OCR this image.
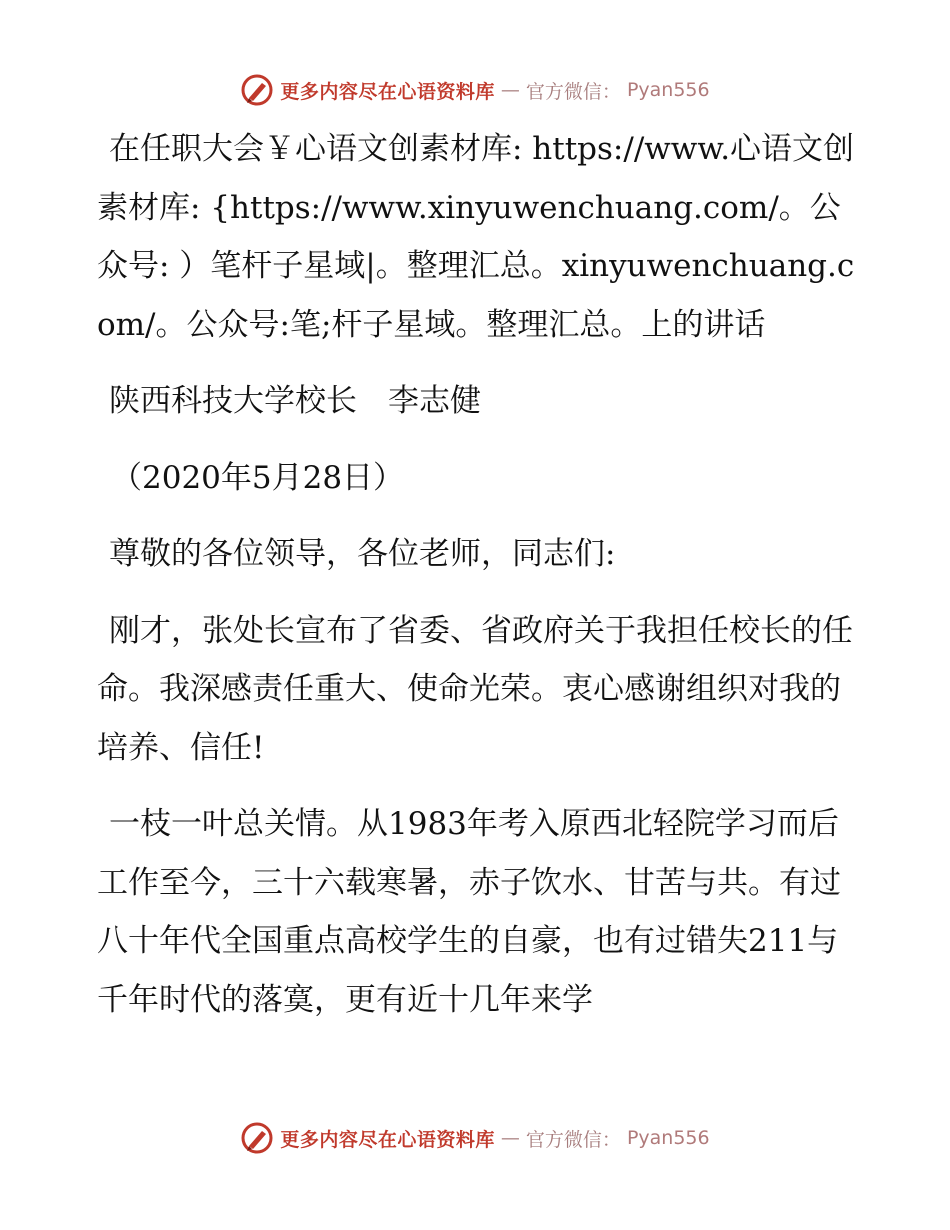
更多内容尽在心语资料库 — 官方微信： Pyan556

在任职大会￥心语文创素材库: https://www.心语文创素材库: {https://www.xinyuwenchuang.com/。公众号: ）笔杆子星域|。整理汇总。xinyuwenchuang.com/。公众号:笔;杆子星域。整理汇总。上的讲话

陕西科技大学校长　李志健

（2020年5月28日）

尊敬的各位领导，各位老师，同志们:

刚才，张处长宣布了省委、省政府关于我担任校长的任命。我深感责任重大、使命光荣。衷心感谢组织对我的培养、信任!

一枝一叶总关情。从1983年考入原西北轻院学习而后工作至今，三十六载寒暑，赤子饮水、甘苦与共。有过八十年代全国重点高校学生的自豪，也有过错失211与千年时代的落寞，更有近十几年来学

更多内容尽在心语资料库 — 官方微信： Pyan556
